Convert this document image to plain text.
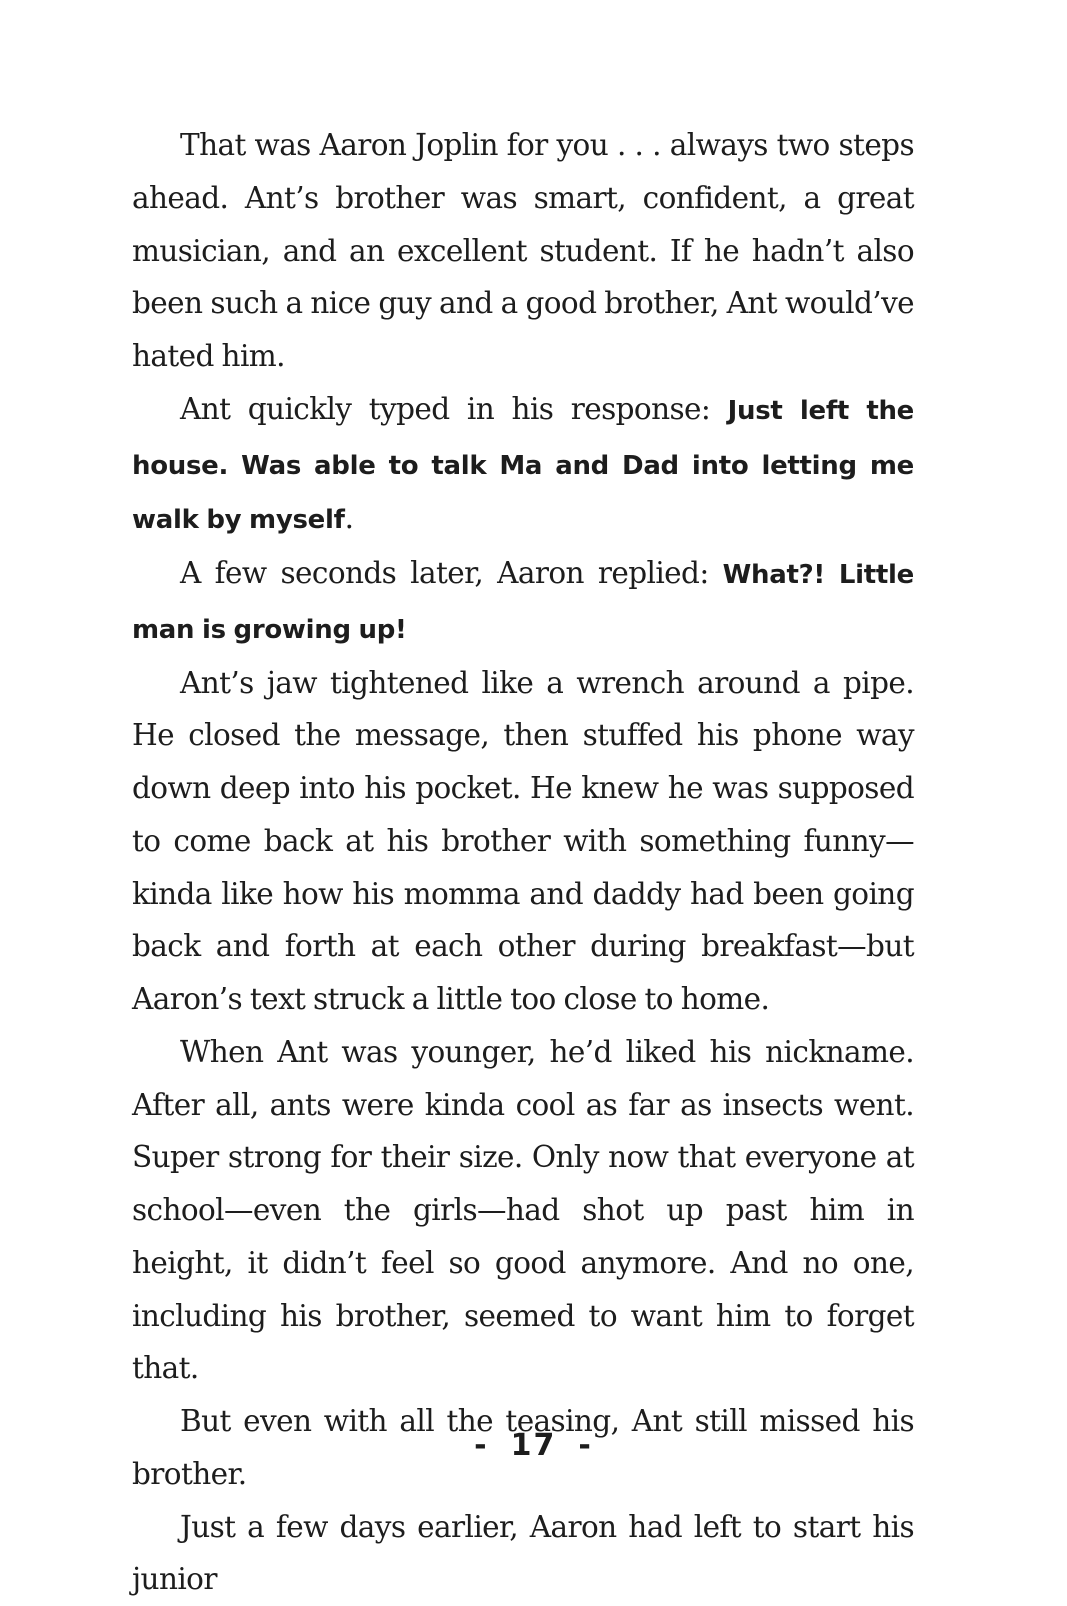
That was Aaron Joplin for you . . . always two steps ahead. Ant’s brother was smart, confident, a great musician, and an excellent student. If he hadn’t also been such a nice guy and a good brother, Ant would’ve hated him.

Ant quickly typed in his response: Just left the house. Was able to talk Ma and Dad into letting me walk by myself.

A few seconds later, Aaron replied: What?! Little man is growing up!

Ant’s jaw tightened like a wrench around a pipe. He closed the message, then stuffed his phone way down deep into his pocket. He knew he was supposed to come back at his brother with something funny—kinda like how his momma and daddy had been going back and forth at each other during breakfast—but Aaron’s text struck a little too close to home.

When Ant was younger, he’d liked his nickname. After all, ants were kinda cool as far as insects went. Super strong for their size. Only now that everyone at school—even the girls—had shot up past him in height, it didn’t feel so good anymore. And no one, including his brother, seemed to want him to forget that.

But even with all the teasing, Ant still missed his brother.

Just a few days earlier, Aaron had left to start his junior

- 17 -
